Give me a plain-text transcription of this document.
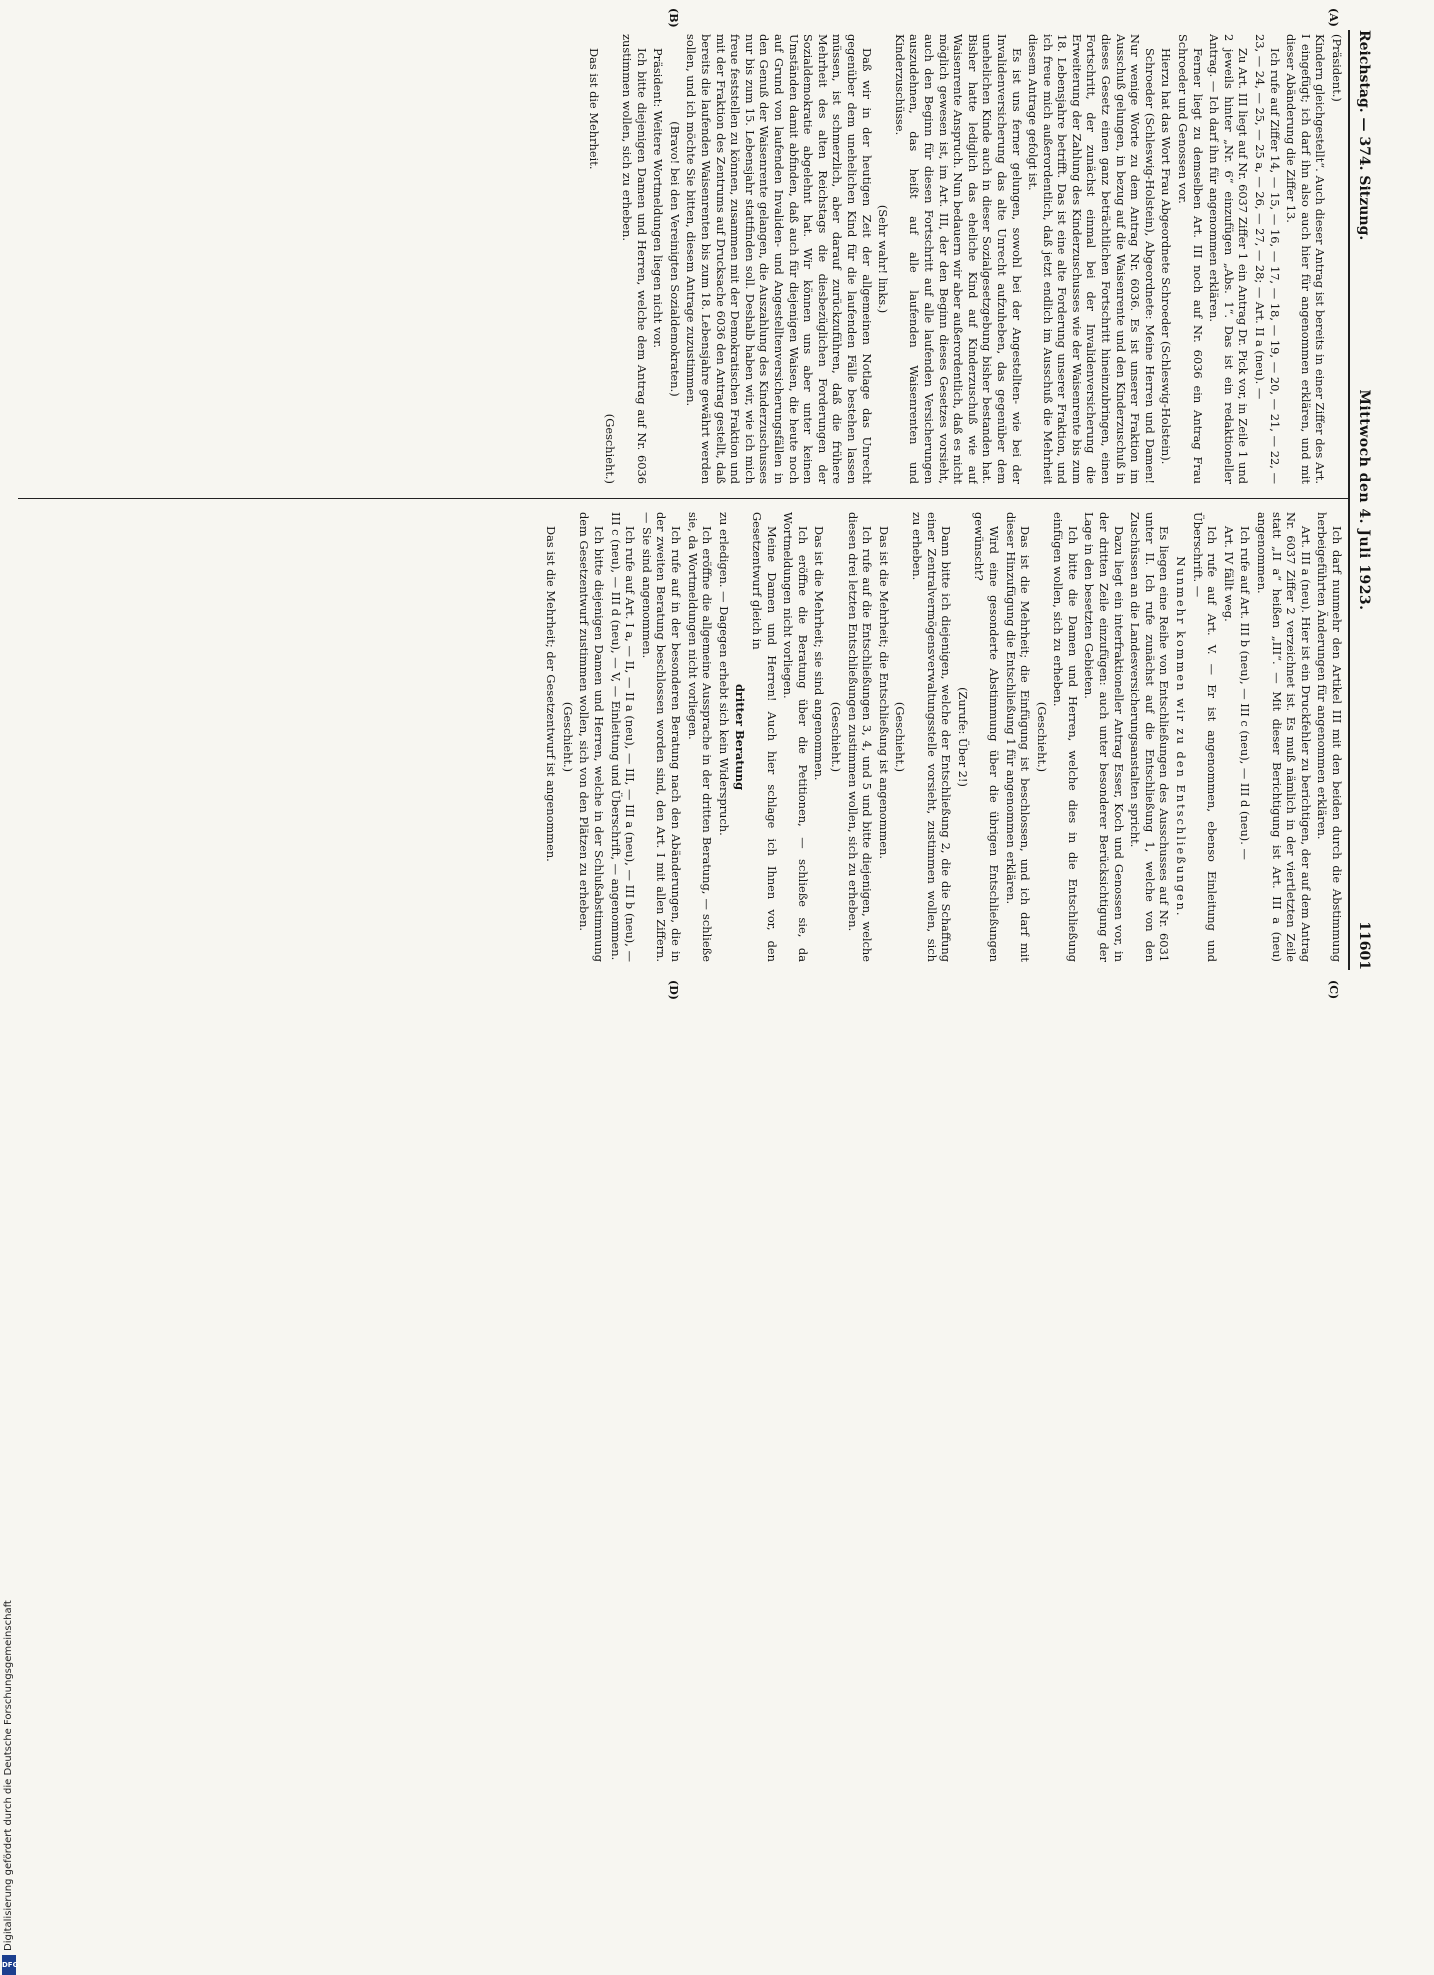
Reichstag. — 374. Sitzung.
Mittwoch den 4. Juli 1923.
11601
(A)
(B)
(C)
(D)

(Präsident.)

Kindern gleichgestellt“. Auch dieser Antrag ist bereits in einer Ziffer des Art. I eingefügt; ich darf ihn also auch hier für angenommen erklären, und mit dieser Abänderung die Ziffer 13.

Ich rufe auf Ziffer 14, — 15, — 16, — 17, — 18, — 19, — 20, — 21, — 22, — 23, — 24, — 25, — 25 a, — 26, — 27, — 28; — Art. II a (neu). —

Zu Art. III liegt auf Nr. 6037 Ziffer 1 ein Antrag Dr. Pick vor, in Zeile 1 und 2 jeweils hinter „Nr. 6“ einzufügen „Abs. 1“. Das ist ein redaktioneller Antrag. — Ich darf ihn für angenommen erklären.

Ferner liegt zu demselben Art. III noch auf Nr. 6036 ein Antrag Frau Schroeder und Genossen vor.

Hierzu hat das Wort Frau Abgeordnete Schroeder (Schleswig-Holstein).

Schroeder (Schleswig-Holstein), Abgeordnete: Meine Herren und Damen! Nur wenige Worte zu dem Antrag Nr. 6036. Es ist unserer Fraktion im Ausschuß gelungen, in bezug auf die Waisenrente und den Kinderzuschuß in dieses Gesetz einen ganz beträchtlichen Fortschritt hineinzubringen, einen Fortschritt, der zunächst einmal bei der Invalidenversicherung die Erweiterung der Zahlung des Kinderzuschusses wie der Waisenrente bis zum 18. Lebensjahre betrifft. Das ist eine alte Forderung unserer Fraktion, und ich freue mich außerordentlich, daß jetzt endlich im Ausschuß die Mehrheit diesem Antrage gefolgt ist.

Es ist uns ferner gelungen, sowohl bei der Angestellten- wie bei der Invalidenversicherung das alte Unrecht aufzuheben, das gegenüber dem unehelichen Kinde auch in dieser Sozialgesetzgebung bisher bestanden hat. Bisher hatte lediglich das eheliche Kind auf Kinderzuschuß wie auf Waisenrente Anspruch. Nun bedauern wir aber außerordentlich, daß es nicht möglich gewesen ist, im Art. III, der den Beginn dieses Gesetzes vorsieht, auch den Beginn für diesen Fortschritt auf alle laufenden Versicherungen auszudehnen, das heißt auf alle laufenden Waisenrenten und Kinderzuschüsse.

(Sehr wahr! links.)

Daß wir in der heutigen Zeit der allgemeinen Notlage das Unrecht gegenüber dem unehelichen Kind für die laufenden Fälle bestehen lassen müssen, ist schmerzlich, aber darauf zurückzuführen, daß die frühere Mehrheit des alten Reichstags die diesbezüglichen Forderungen der Sozialdemokratie abgelehnt hat. Wir können uns aber unter keinen Umständen damit abfinden, daß auch für diejenigen Waisen, die heute noch auf Grund von laufenden Invaliden- und Angestelltenversicherungsfällen in den Genuß der Waisenrente gelangen, die Auszahlung des Kinderzuschusses nur bis zum 15. Lebensjahr stattfinden soll. Deshalb haben wir, wie ich mich freue feststellen zu können, zusammen mit der Demokratischen Fraktion und mit der Fraktion des Zentrums auf Drucksache 6036 den Antrag gestellt, daß bereits die laufenden Waisenrenten bis zum 18. Lebensjahre gewährt werden sollen, und ich möchte Sie bitten, diesem Antrage zuzustimmen.

(Bravo! bei den Vereinigten Sozialdemokraten.)

Präsident: Weitere Wortmeldungen liegen nicht vor.

Ich bitte diejenigen Damen und Herren, welche dem Antrag auf Nr. 6036 zustimmen wollen, sich zu erheben.

(Geschieht.)

Das ist die Mehrheit.

Ich darf nunmehr den Artikel III mit den beiden durch die Abstimmung herbeigeführten Änderungen für angenommen erklären.

Art. III a (neu). Hier ist ein Druckfehler zu berichtigen, der auf dem Antrag Nr. 6037 Ziffer 2 verzeichnet ist. Es muß nämlich in der viertletzten Zeile statt „II a“ heißen „III“. — Mit dieser Berichtigung ist Art. III a (neu) angenommen.

Ich rufe auf Art. III b (neu), — III c (neu), — III d (neu). —

Art. IV fällt weg.

Ich rufe auf Art. V. — Er ist angenommen, ebenso Einleitung und Überschrift. —

Nunmehr kommen wir zu den Entschließungen.

Es liegen eine Reihe von Entschließungen des Ausschusses auf Nr. 6031 unter II. Ich rufe zunächst auf die Entschließung 1, welche von den Zuschüssen an die Landesversicherungsanstalten spricht.

Dazu liegt ein interfraktioneller Antrag Esser, Koch und Genossen vor, in der dritten Zeile einzufügen: auch unter besonderer Berücksichtigung der Lage in den besetzten Gebieten.

Ich bitte die Damen und Herren, welche dies in die Entschließung einfügen wollen, sich zu erheben.

(Geschieht.)

Das ist die Mehrheit; die Einfügung ist beschlossen, und ich darf mit dieser Hinzufügung die Entschließung 1 für angenommen erklären.

Wird eine gesonderte Abstimmung über die übrigen Entschließungen gewünscht?

(Zurufe: Über 2!)

Dann bitte ich diejenigen, welche der Entschließung 2, die die Schaffung einer Zentralvermögensverwaltungsstelle vorsieht, zustimmen wollen, sich zu erheben.

(Geschieht.)

Das ist die Mehrheit; die Entschließung ist angenommen.

Ich rufe auf die Entschließungen 3, 4, und 5 und bitte diejenigen, welche diesen drei letzten Entschließungen zustimmen wollen, sich zu erheben.

(Geschieht.)

Das ist die Mehrheit; sie sind angenommen.

Ich eröffne die Beratung über die Petitionen, — schließe sie, da Wortmeldungen nicht vorliegen.

Meine Damen und Herren! Auch hier schlage ich Ihnen vor, den Gesetzentwurf gleich in

dritter Beratung

zu erledigen. — Dagegen erhebt sich kein Widerspruch.

Ich eröffne die allgemeine Aussprache in der dritten Beratung, — schließe sie, da Wortmeldungen nicht vorliegen.

Ich rufe auf in der besonderen Beratung nach den Abänderungen, die in der zweiten Beratung beschlossen worden sind, den Art. I mit allen Ziffern. — Sie sind angenommen.

Ich rufe auf Art. I a, — II, — II a (neu), — III, — III a (neu), — III b (neu), — III c (neu), — III d (neu), — V, — Einleitung und Überschrift, — angenommen.

Ich bitte diejenigen Damen und Herren, welche in der Schlußabstimmung dem Gesetzentwurf zustimmen wollen, sich von den Plätzen zu erheben.

(Geschieht.)

Das ist die Mehrheit; der Gesetzentwurf ist angenommen.

Digitalisierung gefördert durch die Deutsche Forschungsgemeinschaft
DFG
